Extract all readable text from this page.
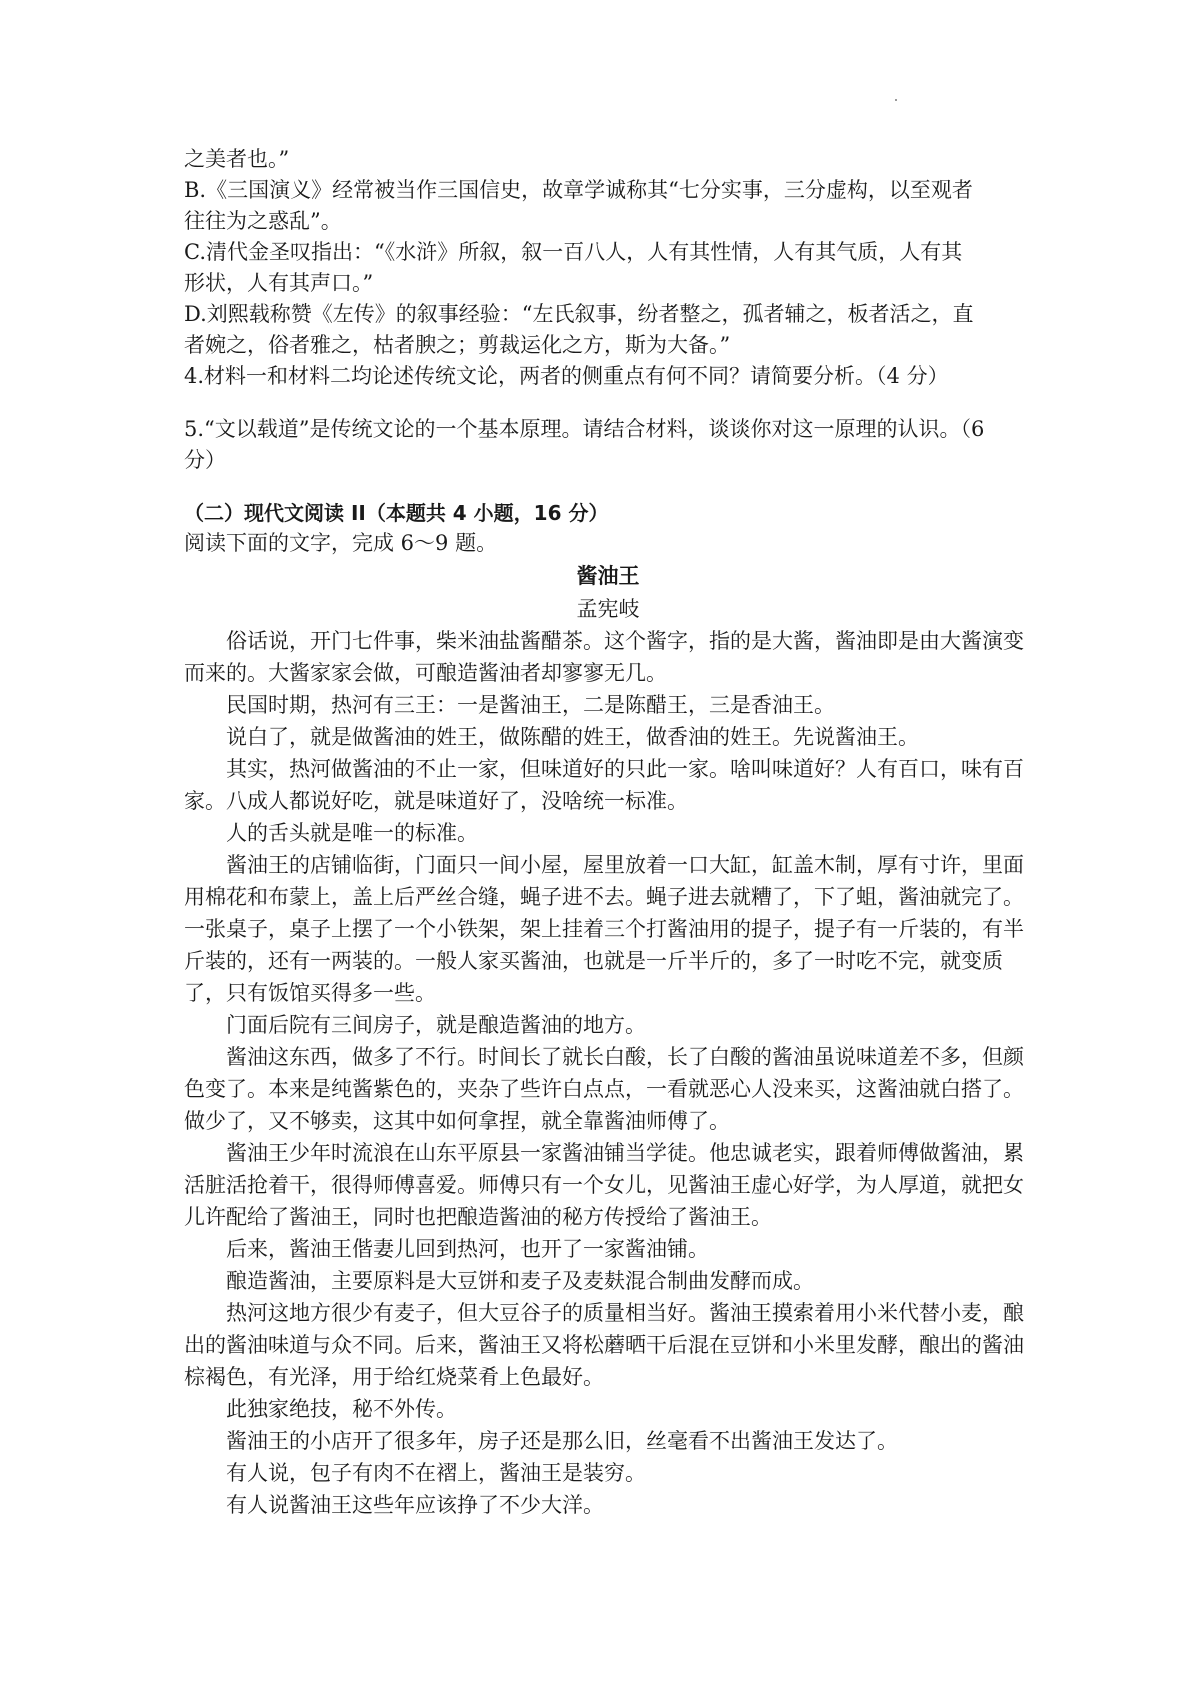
之美者也。”
B.《三国演义》经常被当作三国信史，故章学诚称其“七分实事，三分虚构，以至观者
往往为之惑乱”。
C.清代金圣叹指出：“《水浒》所叙，叙一百八人，人有其性情，人有其气质，人有其
形状，人有其声口。”
D.刘熙载称赞《左传》的叙事经验：“左氏叙事，纷者整之，孤者辅之，板者活之，直
者婉之，俗者雅之，枯者腴之；剪裁运化之方，斯为大备。”
4.材料一和材料二均论述传统文论，两者的侧重点有何不同？请简要分析。（4 分）
5.“文以载道”是传统文论的一个基本原理。请结合材料，谈谈你对这一原理的认识。（6
分）
（二）现代文阅读 II（本题共 4 小题，16 分）
阅读下面的文字，完成 6～9 题。
酱油王
孟宪岐

俗话说，开门七件事，柴米油盐酱醋茶。这个酱字，指的是大酱，酱油即是由大酱演变而来的。大酱家家会做，可酿造酱油者却寥寥无几。

民国时期，热河有三王：一是酱油王，二是陈醋王，三是香油王。

说白了，就是做酱油的姓王，做陈醋的姓王，做香油的姓王。先说酱油王。

其实，热河做酱油的不止一家，但味道好的只此一家。啥叫味道好？人有百口，味有百家。八成人都说好吃，就是味道好了，没啥统一标准。

人的舌头就是唯一的标准。

酱油王的店铺临街，门面只一间小屋，屋里放着一口大缸，缸盖木制，厚有寸许，里面用棉花和布蒙上，盖上后严丝合缝，蝇子进不去。蝇子进去就糟了，下了蛆，酱油就完了。一张桌子，桌子上摆了一个小铁架，架上挂着三个打酱油用的提子，提子有一斤装的，有半斤装的，还有一两装的。一般人家买酱油，也就是一斤半斤的，多了一时吃不完，就变质了，只有饭馆买得多一些。

门面后院有三间房子，就是酿造酱油的地方。

酱油这东西，做多了不行。时间长了就长白酸，长了白酸的酱油虽说味道差不多，但颜色变了。本来是纯酱紫色的，夹杂了些许白点点，一看就恶心人没来买，这酱油就白搭了。做少了，又不够卖，这其中如何拿捏，就全靠酱油师傅了。

酱油王少年时流浪在山东平原县一家酱油铺当学徒。他忠诚老实，跟着师傅做酱油，累活脏活抢着干，很得师傅喜爱。师傅只有一个女儿，见酱油王虚心好学，为人厚道，就把女儿许配给了酱油王，同时也把酿造酱油的秘方传授给了酱油王。

后来，酱油王偕妻儿回到热河，也开了一家酱油铺。

酿造酱油，主要原料是大豆饼和麦子及麦麸混合制曲发酵而成。

热河这地方很少有麦子，但大豆谷子的质量相当好。酱油王摸索着用小米代替小麦，酿出的酱油味道与众不同。后来，酱油王又将松蘑晒干后混在豆饼和小米里发酵，酿出的酱油棕褐色，有光泽，用于给红烧菜肴上色最好。

此独家绝技，秘不外传。

酱油王的小店开了很多年，房子还是那么旧，丝毫看不出酱油王发达了。

有人说，包子有肉不在褶上，酱油王是装穷。

有人说酱油王这些年应该挣了不少大洋。
